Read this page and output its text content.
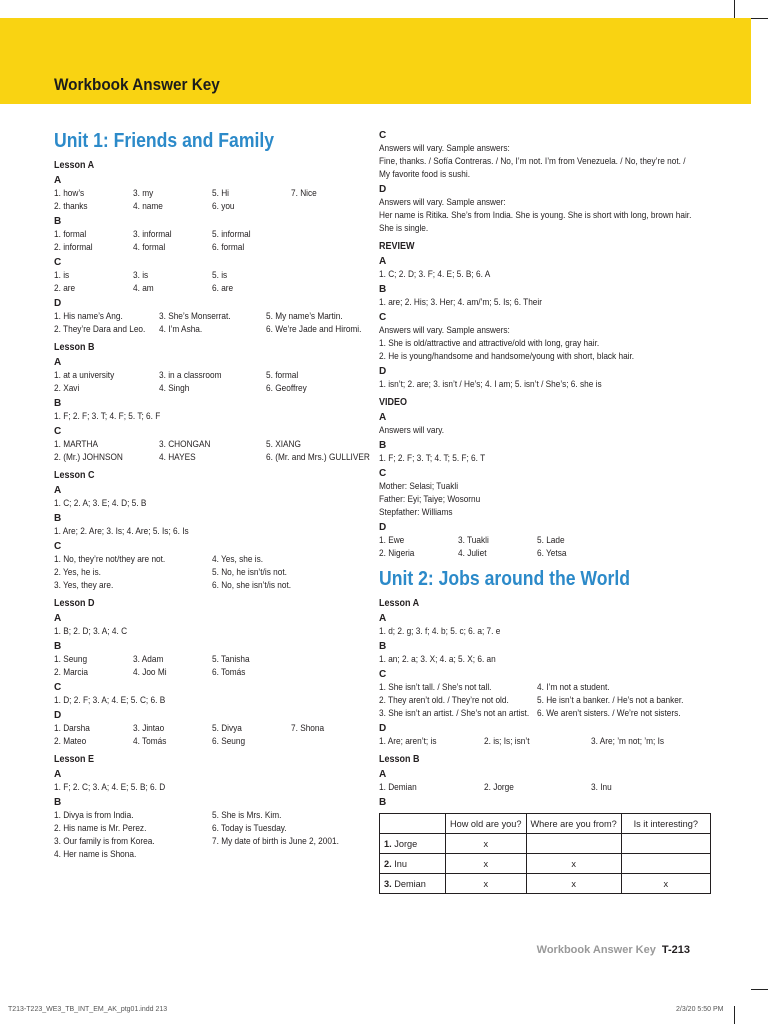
Workbook Answer Key
Unit 1: Friends and Family
Lesson A
A
1. how’s	3. my	5. Hi	7. Nice
2. thanks	4. name	6. you
B
1. formal	3. informal	5. informal
2. informal	4. formal	6. formal
C
1. is	3. is	5. is
2. are	4. am	6. are
D
1. His name’s Ang.	3. She’s Monserrat.	5. My name’s Martin.
2. They’re Dara and Leo. 4. I’m Asha.	6. We’re Jade and Hiromi.
Lesson B
A
1. at a university	3. in a classroom	5. formal
2. Xavi	4. Singh	6. Geoffrey
B
1. F; 2. F; 3. T; 4. F; 5. T; 6. F
C
1. MARTHA	3. CHONGAN	5. XIANG
2. (Mr.) JOHNSON	4. HAYES	6. (Mr. and Mrs.) GULLIVER
Lesson C
A
1. C; 2. A; 3. E; 4. D; 5. B
B
1. Are; 2. Are; 3. Is; 4. Are; 5. Is; 6. Is
C
1. No, they’re not/they are not.	4. Yes, she is.
2. Yes, he is.	5. No, he isn’t/is not.
3. Yes, they are.	6. No, she isn’t/is not.
Lesson D
A
1. B; 2. D; 3. A; 4. C
B
1. Seung	3. Adam	5. Tanisha
2. Marcia	4. Joo Mi	6. Tomás
C
1. D; 2. F; 3. A; 4. E; 5. C; 6. B
D
1. Darsha	3. Jintao	5. Divya	7. Shona
2. Mateo	4. Tomás	6. Seung
Lesson E
A
1. F; 2. C; 3. A; 4. E; 5. B; 6. D
B
1. Divya is from India.	5. She is Mrs. Kim.
2. His name is Mr. Perez.	6. Today is Tuesday.
3. Our family is from Korea.	7. My date of birth is June 2, 2001.
4. Her name is Shona.
C
Answers will vary. Sample answers:
Fine, thanks. / Sofía Contreras. / No, I’m not. I’m from Venezuela. / No, they’re not. /
My favorite food is sushi.
D
Answers will vary. Sample answer:
Her name is Ritika. She’s from India. She is young. She is short with long, brown hair.
She is single.
REVIEW
A
1. C; 2. D; 3. F; 4. E; 5. B; 6. A
B
1. are; 2. His; 3. Her; 4. am/’m; 5. Is; 6. Their
C
Answers will vary. Sample answers:
1. She is old/attractive and attractive/old with long, gray hair.
2. He is young/handsome and handsome/young with short, black hair.
D
1. isn’t; 2. are; 3. isn’t / He’s; 4. I am; 5. isn’t / She’s; 6. she is
VIDEO
A
Answers will vary.
B
1. F; 2. F; 3. T; 4. T; 5. F; 6. T
C
Mother: Selasi; Tuakli
Father: Eyi; Taiye; Wosornu
Stepfather: Williams
D
1. Ewe	3. Tuakli	5. Lade
2. Nigeria	4. Juliet	6. Yetsa
Unit 2: Jobs around the World
Lesson A
A
1. d; 2. g; 3. f; 4. b; 5. c; 6. a; 7. e
B
1. an; 2. a; 3. X; 4. a; 5. X; 6. an
C
1. She isn’t tall. / She’s not tall.	4. I’m not a student.
2. They aren’t old. / They’re not old.	5. He isn’t a banker. / He’s not a banker.
3. She isn’t an artist. / She’s not an artist. 6. We aren’t sisters. / We’re not sisters.
D
1. Are; aren’t; is	2. is; Is; isn’t	3. Are; ’m not; ’m; Is
Lesson B
A
1. Demian	2. Jorge	3. Inu
B
	How old are you?	Where are you from?	Is it interesting?
1. Jorge	x		
2. Inu	x	x	
3. Demian	x	x	x
Workbook Answer Key T-213
T213-T223_WE3_TB_INT_EM_AK_ptg01.indd 213	2/3/20 5:50 PM
